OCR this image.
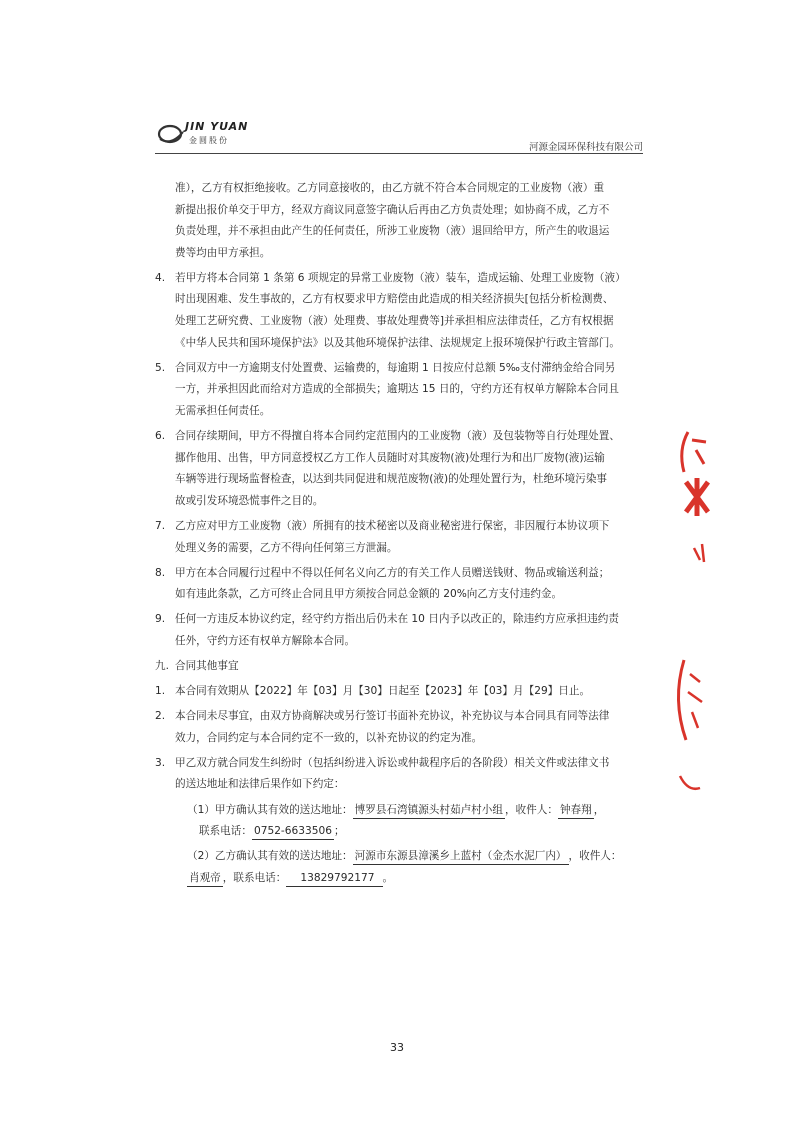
JIN YUAN
金圆股份
河源金园环保科技有限公司
准），乙方有权拒绝接收。乙方同意接收的，由乙方就不符合本合同规定的工业废物（液）重
新提出报价单交于甲方，经双方商议同意签字确认后再由乙方负责处理；如协商不成，乙方不
负责处理，并不承担由此产生的任何责任，所涉工业废物（液）退回给甲方，所产生的收退运
费等均由甲方承担。
4. 若甲方将本合同第 1 条第 6 项规定的异常工业废物（液）装车，造成运输、处理工业废物（液）
时出现困难、发生事故的，乙方有权要求甲方赔偿由此造成的相关经济损失[包括分析检测费、
处理工艺研究费、工业废物（液）处理费、事故处理费等]并承担相应法律责任，乙方有权根据
《中华人民共和国环境保护法》以及其他环境保护法律、法规规定上报环境保护行政主管部门。
5. 合同双方中一方逾期支付处置费、运输费的，每逾期 1 日按应付总额 5‰支付滞纳金给合同另
一方，并承担因此而给对方造成的全部损失；逾期达 15 日的，守约方还有权单方解除本合同且
无需承担任何责任。
6. 合同存续期间，甲方不得擅自将本合同约定范围内的工业废物（液）及包装物等自行处理处置、
挪作他用、出售，甲方同意授权乙方工作人员随时对其废物(液)处理行为和出厂废物(液)运输
车辆等进行现场监督检查，以达到共同促进和规范废物(液)的处理处置行为，杜绝环境污染事
故或引发环境恐慌事件之目的。
7. 乙方应对甲方工业废物（液）所拥有的技术秘密以及商业秘密进行保密，非因履行本协议项下
处理义务的需要，乙方不得向任何第三方泄漏。
8. 甲方在本合同履行过程中不得以任何名义向乙方的有关工作人员赠送钱财、物品或输送利益；
如有违此条款，乙方可终止合同且甲方须按合同总金额的 20%向乙方支付违约金。
9. 任何一方违反本协议约定，经守约方指出后仍未在 10 日内予以改正的，除违约方应承担违约责
任外，守约方还有权单方解除本合同。
九. 合同其他事宜
1. 本合同有效期从【2022】年【03】月【30】日起至【2023】年【03】月【29】日止。
2. 本合同未尽事宜，由双方协商解决或另行签订书面补充协议，补充协议与本合同具有同等法律
效力，合同约定与本合同约定不一致的，以补充协议的约定为准。
3. 甲乙双方就合同发生纠纷时（包括纠纷进入诉讼或仲裁程序后的各阶段）相关文件或法律文书
的送达地址和法律后果作如下约定：
（1）甲方确认其有效的送达地址： 博罗县石湾镇源头村茹卢村小组 ，收件人： 钟春翔 ，
联系电话： 0752-6633506 ；
（2）乙方确认其有效的送达地址： 河源市东源县漳溪乡上蓝村（金杰水泥厂内） ，收件人：
肖观帝 ，联系电话： 13829792177 。
33
